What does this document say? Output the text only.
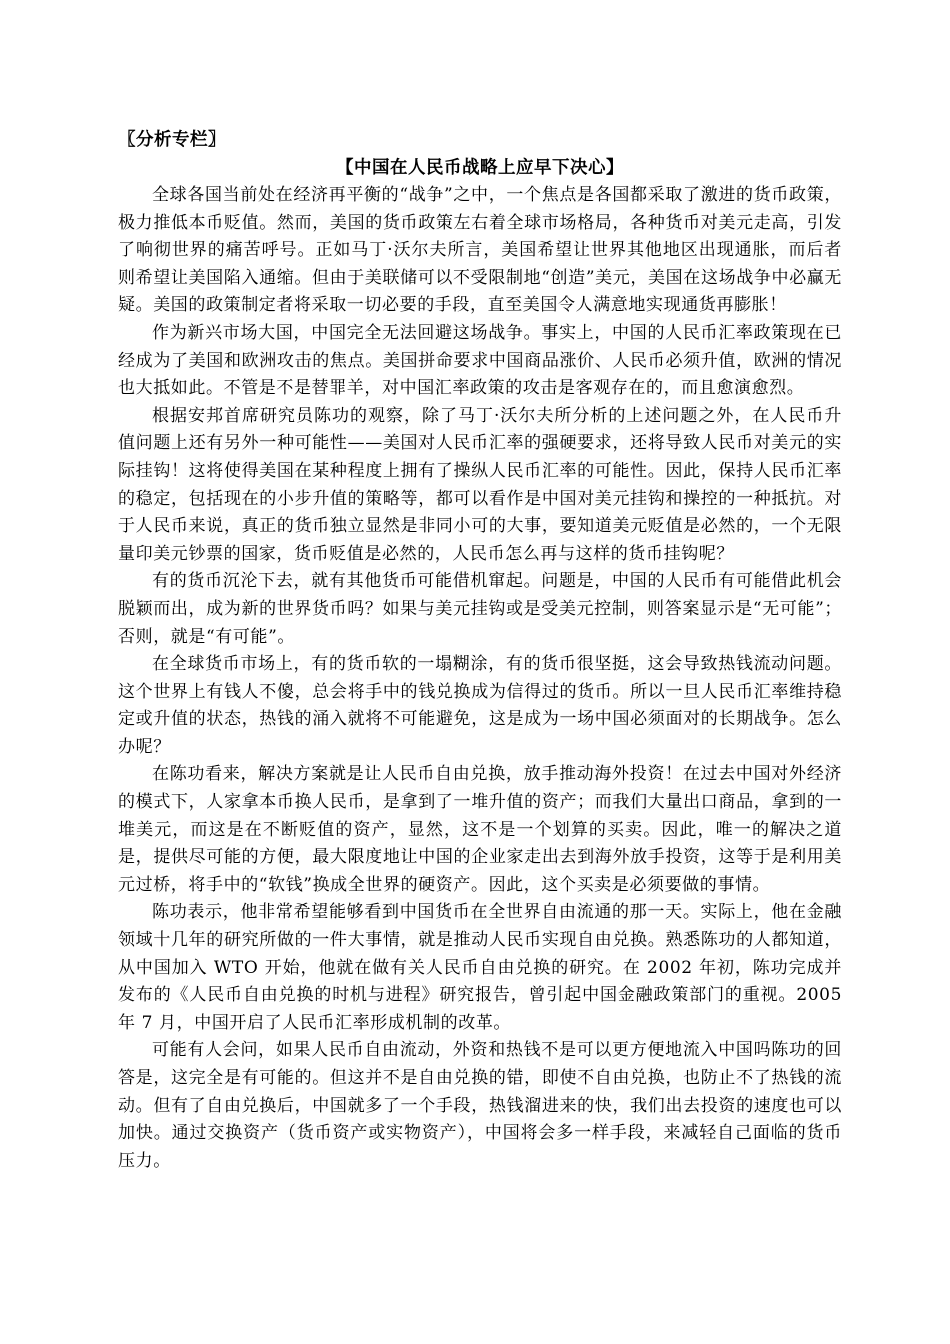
〖分析专栏〗

【中国在人民币战略上应早下决心】

全球各国当前处在经济再平衡的“战争”之中，一个焦点是各国都采取了激进的货币政策，极力推低本币贬值。然而，美国的货币政策左右着全球市场格局，各种货币对美元走高，引发了响彻世界的痛苦呼号。正如马丁·沃尔夫所言，美国希望让世界其他地区出现通胀，而后者则希望让美国陷入通缩。但由于美联储可以不受限制地“创造”美元，美国在这场战争中必赢无疑。美国的政策制定者将采取一切必要的手段，直至美国令人满意地实现通货再膨胀！

作为新兴市场大国，中国完全无法回避这场战争。事实上，中国的人民币汇率政策现在已经成为了美国和欧洲攻击的焦点。美国拼命要求中国商品涨价、人民币必须升值，欧洲的情况也大抵如此。不管是不是替罪羊，对中国汇率政策的攻击是客观存在的，而且愈演愈烈。

根据安邦首席研究员陈功的观察，除了马丁·沃尔夫所分析的上述问题之外，在人民币升值问题上还有另外一种可能性——美国对人民币汇率的强硬要求，还将导致人民币对美元的实际挂钩！这将使得美国在某种程度上拥有了操纵人民币汇率的可能性。因此，保持人民币汇率的稳定，包括现在的小步升值的策略等，都可以看作是中国对美元挂钩和操控的一种抵抗。对于人民币来说，真正的货币独立显然是非同小可的大事，要知道美元贬值是必然的，一个无限量印美元钞票的国家，货币贬值是必然的，人民币怎么再与这样的货币挂钩呢？

有的货币沉沦下去，就有其他货币可能借机窜起。问题是，中国的人民币有可能借此机会脱颖而出，成为新的世界货币吗？如果与美元挂钩或是受美元控制，则答案显示是“无可能”；否则，就是“有可能”。

在全球货币市场上，有的货币软的一塌糊涂，有的货币很坚挺，这会导致热钱流动问题。这个世界上有钱人不傻，总会将手中的钱兑换成为信得过的货币。所以一旦人民币汇率维持稳定或升值的状态，热钱的涌入就将不可能避免，这是成为一场中国必须面对的长期战争。怎么办呢？

在陈功看来，解决方案就是让人民币自由兑换，放手推动海外投资！在过去中国对外经济的模式下，人家拿本币换人民币，是拿到了一堆升值的资产；而我们大量出口商品，拿到的一堆美元，而这是在不断贬值的资产，显然，这不是一个划算的买卖。因此，唯一的解决之道是，提供尽可能的方便，最大限度地让中国的企业家走出去到海外放手投资，这等于是利用美元过桥，将手中的“软钱”换成全世界的硬资产。因此，这个买卖是必须要做的事情。

陈功表示，他非常希望能够看到中国货币在全世界自由流通的那一天。实际上，他在金融领域十几年的研究所做的一件大事情，就是推动人民币实现自由兑换。熟悉陈功的人都知道，从中国加入 WTO 开始，他就在做有关人民币自由兑换的研究。在 2002 年初，陈功完成并发布的《人民币自由兑换的时机与进程》研究报告，曾引起中国金融政策部门的重视。2005 年 7 月，中国开启了人民币汇率形成机制的改革。

可能有人会问，如果人民币自由流动，外资和热钱不是可以更方便地流入中国吗陈功的回答是，这完全是有可能的。但这并不是自由兑换的错，即使不自由兑换，也防止不了热钱的流动。但有了自由兑换后，中国就多了一个手段，热钱溜进来的快，我们出去投资的速度也可以加快。通过交换资产（货币资产或实物资产），中国将会多一样手段，来减轻自己面临的货币压力。
